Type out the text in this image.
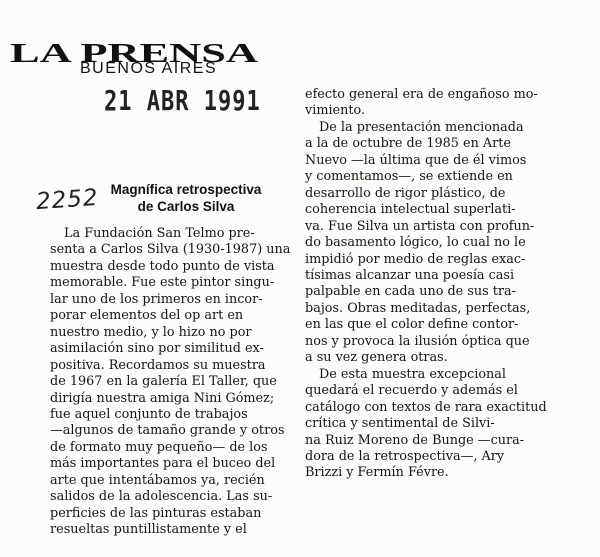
LA PRENSA
BUENOS AIRES
21 ABR 1991
2252 Magnífica retrospectiva
de Carlos Silva
La Fundación San Telmo pre-
senta a Carlos Silva (1930-1987) una
muestra desde todo punto de vista
memorable. Fue este pintor singu-
lar uno de los primeros en incor-
porar elementos del op art en
nuestro medio, y lo hizo no por
asimilación sino por similitud ex-
positiva. Recordamos su muestra
de 1967 en la galería El Taller, que
dirigía nuestra amiga Nini Gómez;
fue aquel conjunto de trabajos
—algunos de tamaño grande y otros
de formato muy pequeño— de los
más importantes para el buceo del
arte que intentábamos ya, recién
salidos de la adolescencia. Las su-
perficies de las pinturas estaban
resueltas puntillistamente y el
efecto general era de engañoso mo-
vimiento.
De la presentación mencionada
a la de octubre de 1985 en Arte
Nuevo —la última que de él vimos
y comentamos—, se extiende en
desarrollo de rigor plástico, de
coherencia intelectual superlati-
va. Fue Silva un artista con profun-
do basamento lógico, lo cual no le
impidió por medio de reglas exac-
tísimas alcanzar una poesía casi
palpable en cada uno de sus tra-
bajos. Obras meditadas, perfectas,
en las que el color define contor-
nos y provoca la ilusión óptica que
a su vez genera otras.
De esta muestra excepcional
quedará el recuerdo y además el
catálogo con textos de rara exactitud
crítica y sentimental de Silvi-
na Ruiz Moreno de Bunge —cura-
dora de la retrospectiva—, Ary
Brizzi y Fermín Févre.
